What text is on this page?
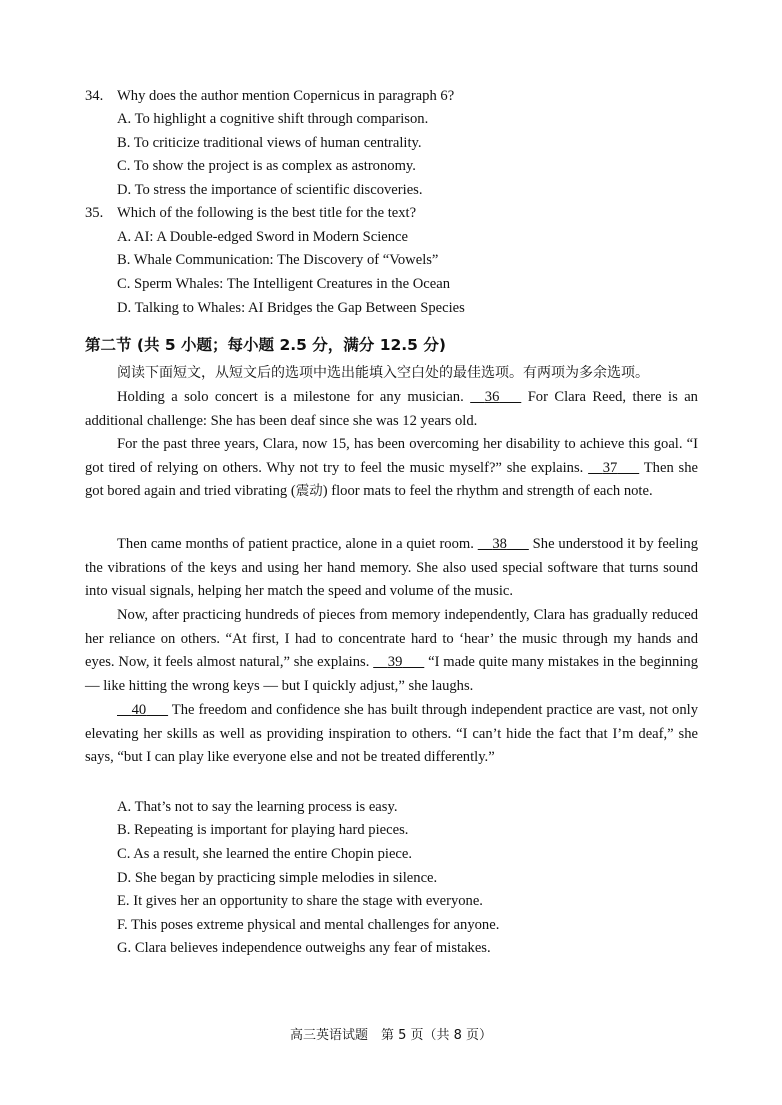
34. Why does the author mention Copernicus in paragraph 6?
A. To highlight a cognitive shift through comparison.
B. To criticize traditional views of human centrality.
C. To show the project is as complex as astronomy.
D. To stress the importance of scientific discoveries.
35. Which of the following is the best title for the text?
A. AI: A Double-edged Sword in Modern Science
B. Whale Communication: The Discovery of “Vowels”
C. Sperm Whales: The Intelligent Creatures in the Ocean
D. Talking to Whales: AI Bridges the Gap Between Species
第二节 (共 5 小题；每小题 2.5 分，满分 12.5 分)
阅读下面短文，从短文后的选项中选出能填入空白处的最佳选项。有两项为多余选项。

Holding a solo concert is a milestone for any musician. 36 For Clara Reed, there is an additional challenge: She has been deaf since she was 12 years old.

For the past three years, Clara, now 15, has been overcoming her disability to achieve this goal. “I got tired of relying on others. Why not try to feel the music myself?” she explains. 37 Then she got bored again and tried vibrating (震动) floor mats to feel the rhythm and strength of each note.

Then came months of patient practice, alone in a quiet room. 38 She understood it by feeling the vibrations of the keys and using her hand memory. She also used special software that turns sound into visual signals, helping her match the speed and volume of the music.

Now, after practicing hundreds of pieces from memory independently, Clara has gradually reduced her reliance on others. “At first, I had to concentrate hard to ‘hear’ the music through my hands and eyes. Now, it feels almost natural,” she explains. 39 “I made quite many mistakes in the beginning — like hitting the wrong keys — but I quickly adjust,” she laughs.

40 The freedom and confidence she has built through independent practice are vast, not only elevating her skills as well as providing inspiration to others. “I can’t hide the fact that I’m deaf,” she says, “but I can play like everyone else and not be treated differently.”

A. That’s not to say the learning process is easy.
B. Repeating is important for playing hard pieces.
C. As a result, she learned the entire Chopin piece.
D. She began by practicing simple melodies in silence.
E. It gives her an opportunity to share the stage with everyone.
F. This poses extreme physical and mental challenges for anyone.
G. Clara believes independence outweighs any fear of mistakes.
高三英语试题　第 5 页（共 8 页）
